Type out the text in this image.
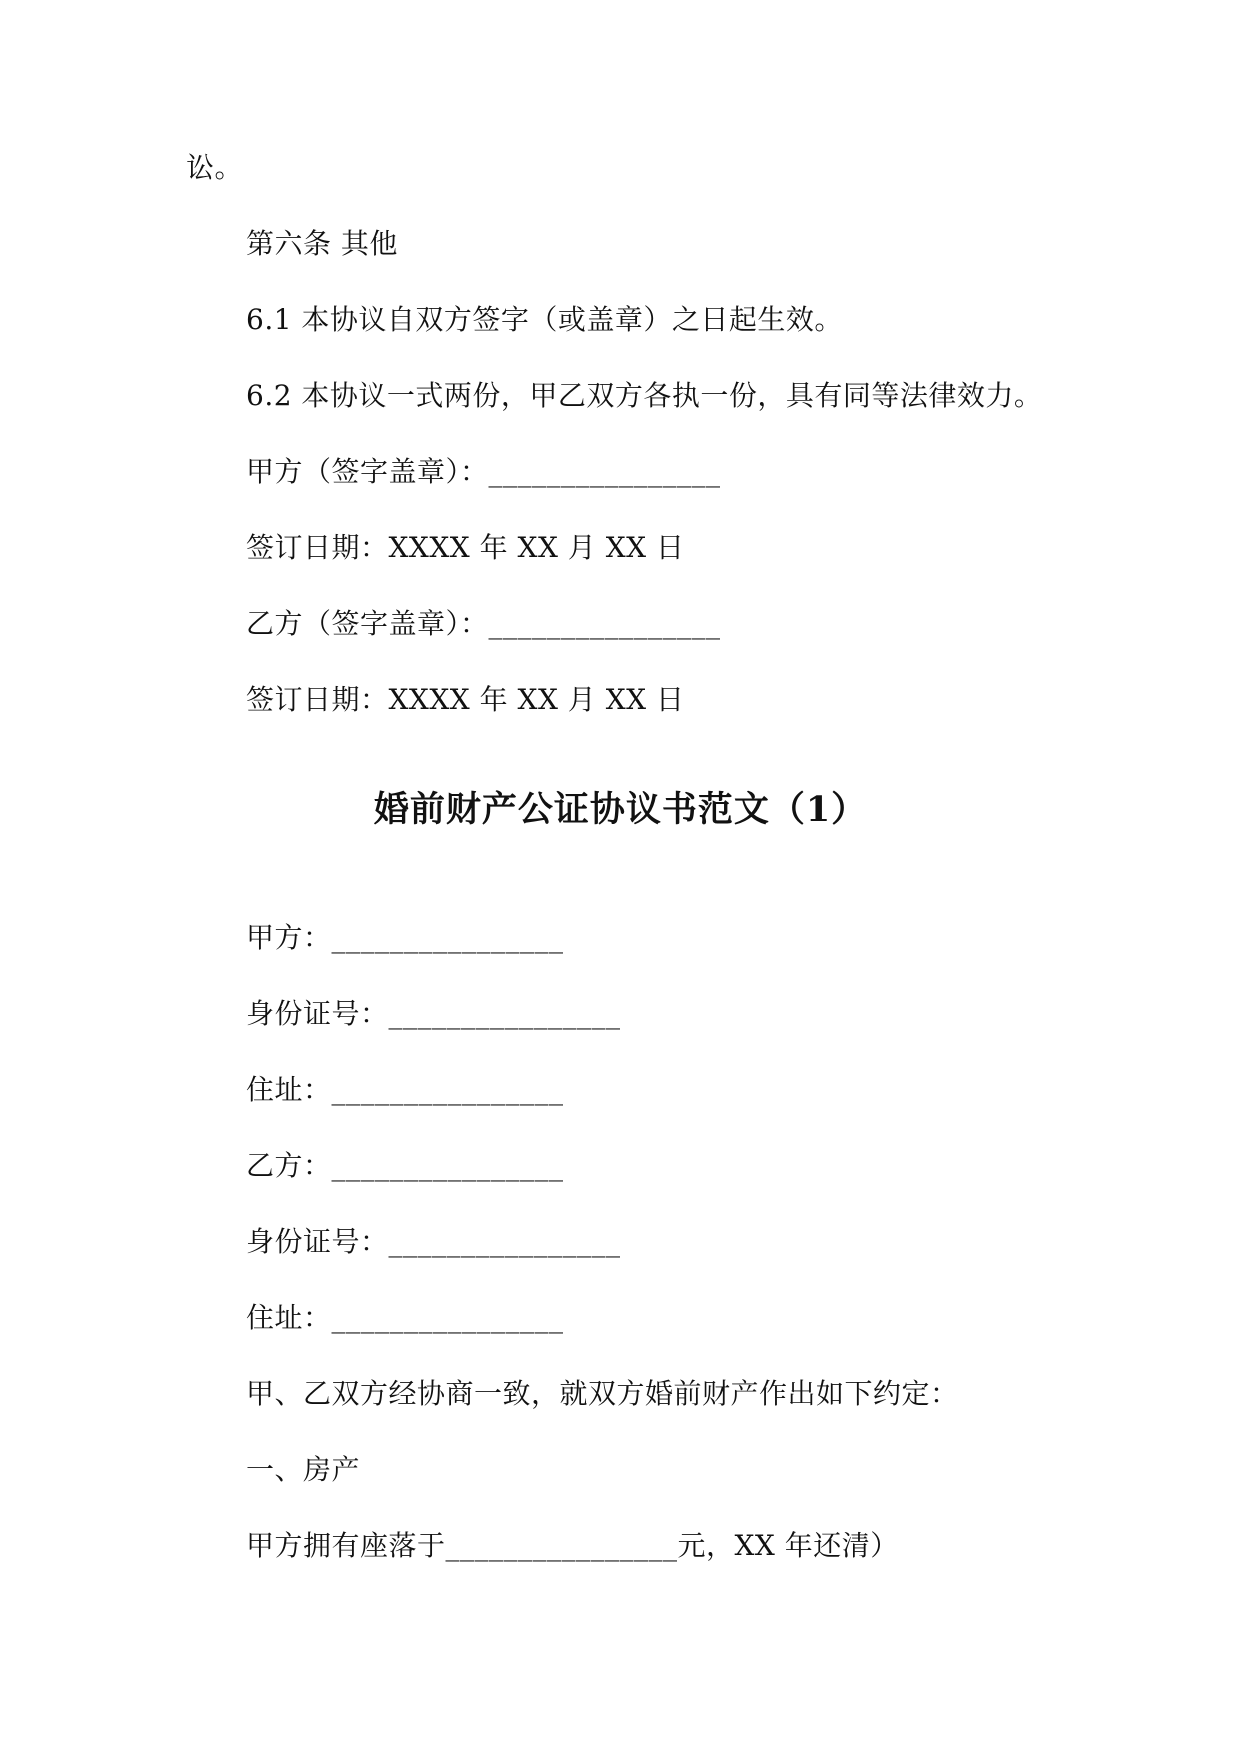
讼。
第六条 其他
6.1 本协议自双方签字（或盖章）之日起生效。
6.2 本协议一式两份，甲乙双方各执一份，具有同等法律效力。
甲方（签字盖章）：________________
签订日期：XXXX 年 XX 月 XX 日
乙方（签字盖章）：________________
签订日期：XXXX 年 XX 月 XX 日
婚前财产公证协议书范文（1）
甲方：________________
身份证号：________________
住址：________________
乙方：________________
身份证号：________________
住址：________________
甲、乙双方经协商一致，就双方婚前财产作出如下约定：
一、房产
甲方拥有座落于________________元，XX 年还清）
